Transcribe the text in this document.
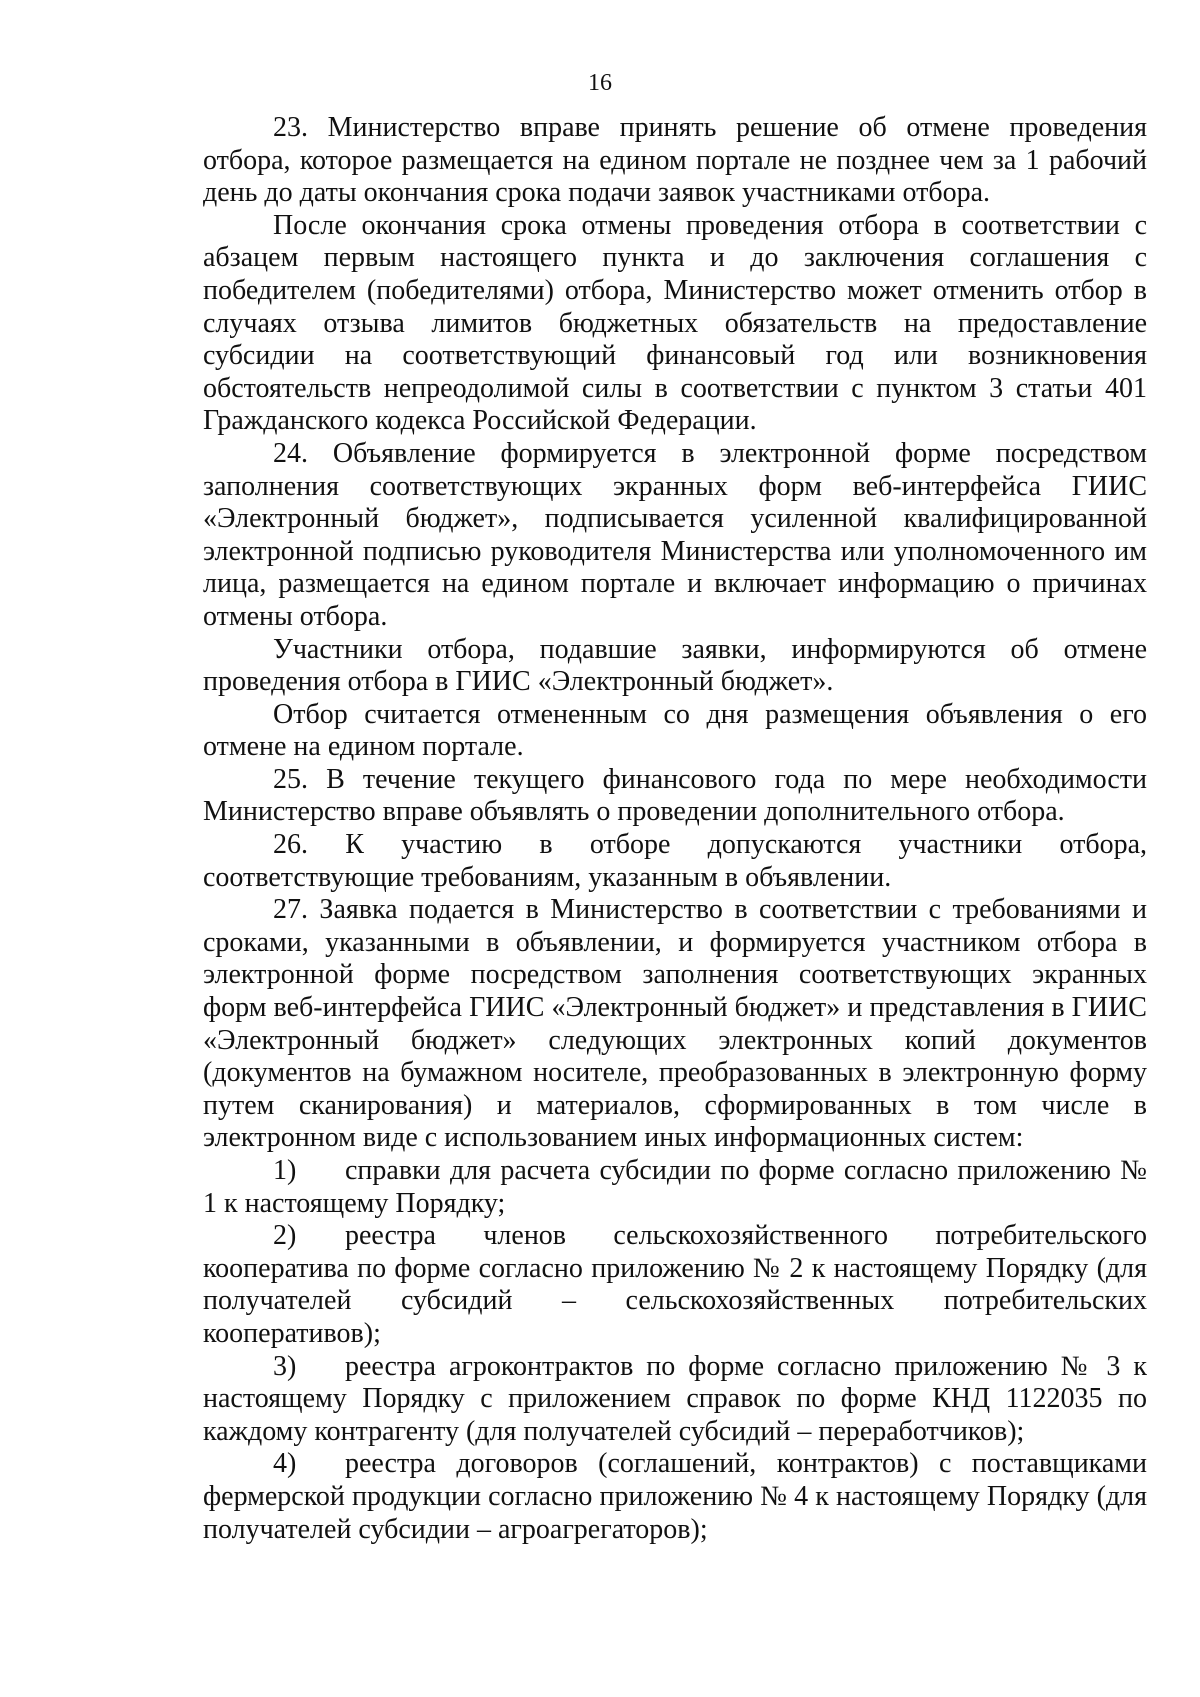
16

23. Министерство вправе принять решение об отмене проведения отбора, которое размещается на едином портале не позднее чем за 1 рабочий день до даты окончания срока подачи заявок участниками отбора.

После окончания срока отмены проведения отбора в соответствии с абзацем первым настоящего пункта и до заключения соглашения с победителем (победителями) отбора, Министерство может отменить отбор в случаях отзыва лимитов бюджетных обязательств на предоставление субсидии на соответствующий финансовый год или возникновения обстоятельств непреодолимой силы в соответствии с пунктом 3 статьи 401 Гражданского кодекса Российской Федерации.

24. Объявление формируется в электронной форме посредством заполнения соответствующих экранных форм веб-интерфейса ГИИС «Электронный бюджет», подписывается усиленной квалифицированной электронной подписью руководителя Министерства или уполномоченного им лица, размещается на едином портале и включает информацию о причинах отмены отбора.

Участники отбора, подавшие заявки, информируются об отмене проведения отбора в ГИИС «Электронный бюджет».

Отбор считается отмененным со дня размещения объявления о его отмене на едином портале.

25. В течение текущего финансового года по мере необходимости Министерство вправе объявлять о проведении дополнительного отбора.

26. К участию в отборе допускаются участники отбора, соответствующие требованиям, указанным в объявлении.

27. Заявка подается в Министерство в соответствии с требованиями и сроками, указанными в объявлении, и формируется участником отбора в электронной форме посредством заполнения соответствующих экранных форм веб-интерфейса ГИИС «Электронный бюджет» и представления в ГИИС «Электронный бюджет» следующих электронных копий документов (документов на бумажном носителе, преобразованных в электронную форму путем сканирования) и материалов, сформированных в том числе в электронном виде с использованием иных информационных систем:

1) справки для расчета субсидии по форме согласно приложению № 1 к настоящему Порядку;

2) реестра членов сельскохозяйственного потребительского кооператива по форме согласно приложению № 2 к настоящему Порядку (для получателей субсидий – сельскохозяйственных потребительских кооперативов);

3) реестра агроконтрактов по форме согласно приложению № 3 к настоящему Порядку с приложением справок по форме КНД 1122035 по каждому контрагенту (для получателей субсидий – переработчиков);

4) реестра договоров (соглашений, контрактов) с поставщиками фермерской продукции согласно приложению № 4 к настоящему Порядку (для получателей субсидии – агроагрегаторов);
